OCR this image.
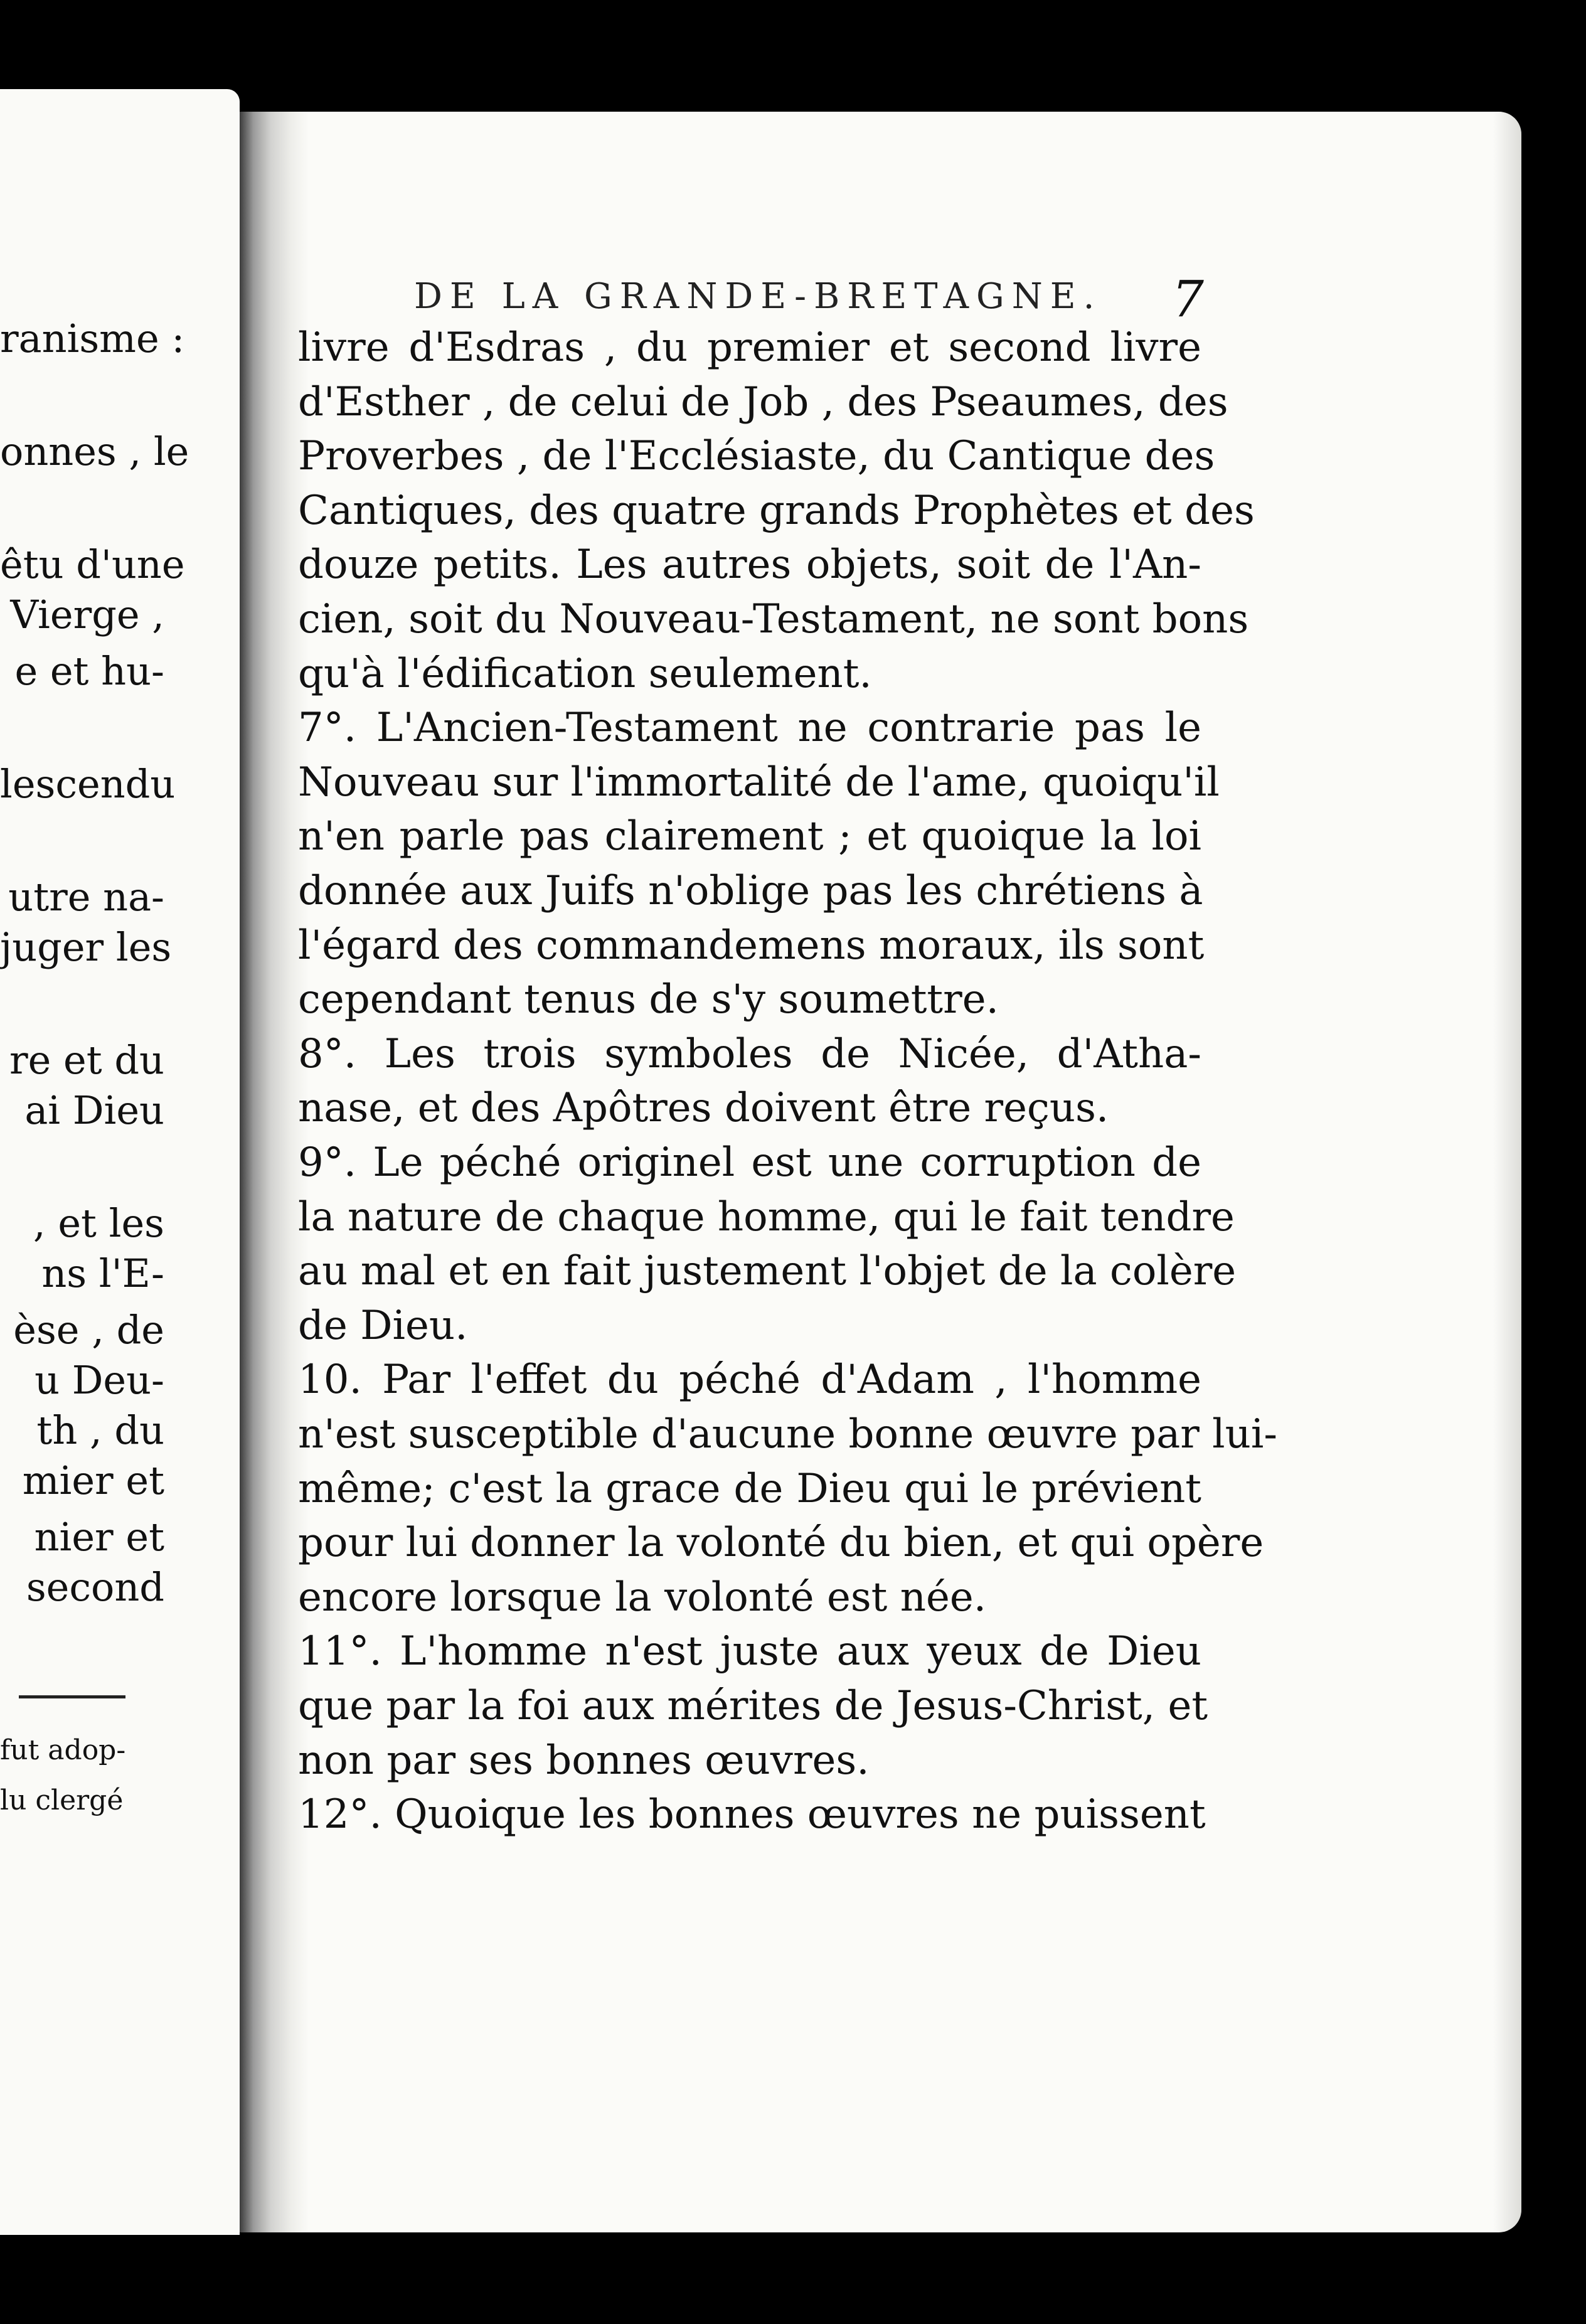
ranisme :
onnes , le
êtu d'une
Vierge ,
e et hu-
lescendu
utre na-
juger les
re et du
ai Dieu
, et les
ns l'E-
èse , de
u Deu-
th , du
mier et
nier et
second
fut adop-
lu clergé
DE LA GRANDE-BRETAGNE.	7
livre d'Esdras , du premier et second livre
d'Esther , de celui de Job , des Pseaumes, des
Proverbes , de l'Ecclésiaste, du Cantique des
Cantiques, des quatre grands Prophètes et des
douze petits. Les autres objets, soit de l'An-
cien, soit du Nouveau-Testament, ne sont bons
qu'à l'édification seulement.
7°. L'Ancien-Testament ne contrarie pas le
Nouveau sur l'immortalité de l'ame, quoiqu'il
n'en parle pas clairement ; et quoique la loi
donnée aux Juifs n'oblige pas les chrétiens à
l'égard des commandemens moraux, ils sont
cependant tenus de s'y soumettre.
8°. Les trois symboles de Nicée, d'Atha-
nase, et des Apôtres doivent être reçus.
9°. Le péché originel est une corruption de
la nature de chaque homme, qui le fait tendre
au mal et en fait justement l'objet de la colère
de Dieu.
10. Par l'effet du péché d'Adam , l'homme
n'est susceptible d'aucune bonne œuvre par lui-
même; c'est la grace de Dieu qui le prévient
pour lui donner la volonté du bien, et qui opère
encore lorsque la volonté est née.
11°. L'homme n'est juste aux yeux de Dieu
que par la foi aux mérites de Jesus-Christ, et
non par ses bonnes œuvres.
12°. Quoique les bonnes œuvres ne puissent
